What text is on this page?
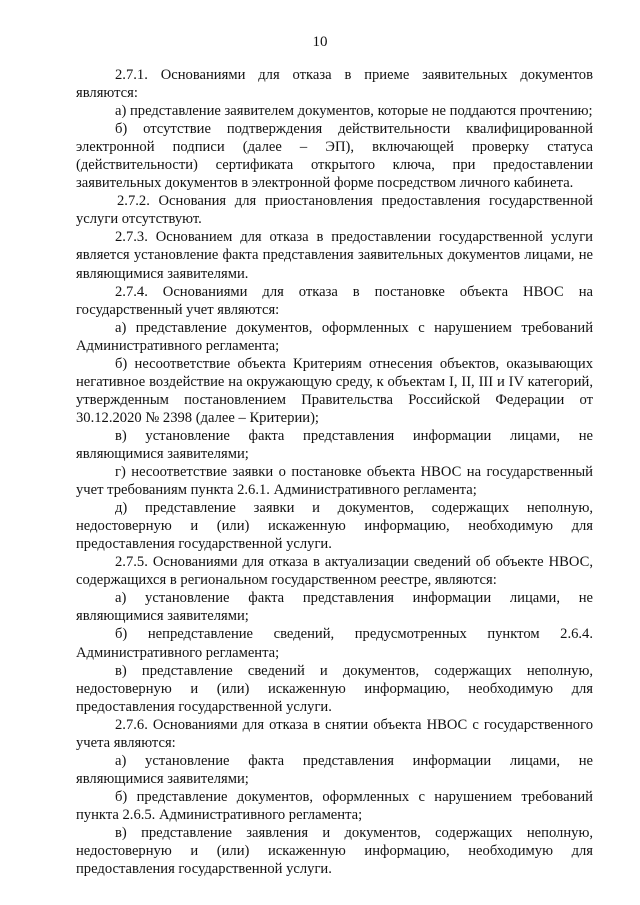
10

2.7.1. Основаниями для отказа в приеме заявительных документов являются:

а) представление заявителем документов, которые не поддаются прочтению;

б) отсутствие подтверждения действительности квалифицированной электронной подписи (далее – ЭП), включающей проверку статуса (действительности) сертификата открытого ключа, при предоставлении заявительных документов в электронной форме посредством личного кабинета.

2.7.2. Основания для приостановления предоставления государственной услуги отсутствуют.

2.7.3. Основанием для отказа в предоставлении государственной услуги является установление факта представления заявительных документов лицами, не являющимися заявителями.

2.7.4. Основаниями для отказа в постановке объекта НВОС на государственный учет являются:

а) представление документов, оформленных с нарушением требований Административного регламента;

б) несоответствие объекта Критериям отнесения объектов, оказывающих негативное воздействие на окружающую среду, к объектам I, II, III и IV категорий, утвержденным постановлением Правительства Российской Федерации от 30.12.2020 № 2398 (далее – Критерии);

в) установление факта представления информации лицами, не являющимися заявителями;

г) несоответствие заявки о постановке объекта НВОС на государственный учет требованиям пункта 2.6.1. Административного регламента;

д) представление заявки и документов, содержащих неполную, недостоверную и (или) искаженную информацию, необходимую для предоставления государственной услуги.

2.7.5. Основаниями для отказа в актуализации сведений об объекте НВОС, содержащихся в региональном государственном реестре, являются:

а) установление факта представления информации лицами, не являющимися заявителями;

б) непредставление сведений, предусмотренных пунктом 2.6.4. Административного регламента;

в) представление сведений и документов, содержащих неполную, недостоверную и (или) искаженную информацию, необходимую для предоставления государственной услуги.

2.7.6. Основаниями для отказа в снятии объекта НВОС с государственного учета являются:

а) установление факта представления информации лицами, не являющимися заявителями;

б) представление документов, оформленных с нарушением требований пункта 2.6.5. Административного регламента;

в) представление заявления и документов, содержащих неполную, недостоверную и (или) искаженную информацию, необходимую для предоставления государственной услуги.
